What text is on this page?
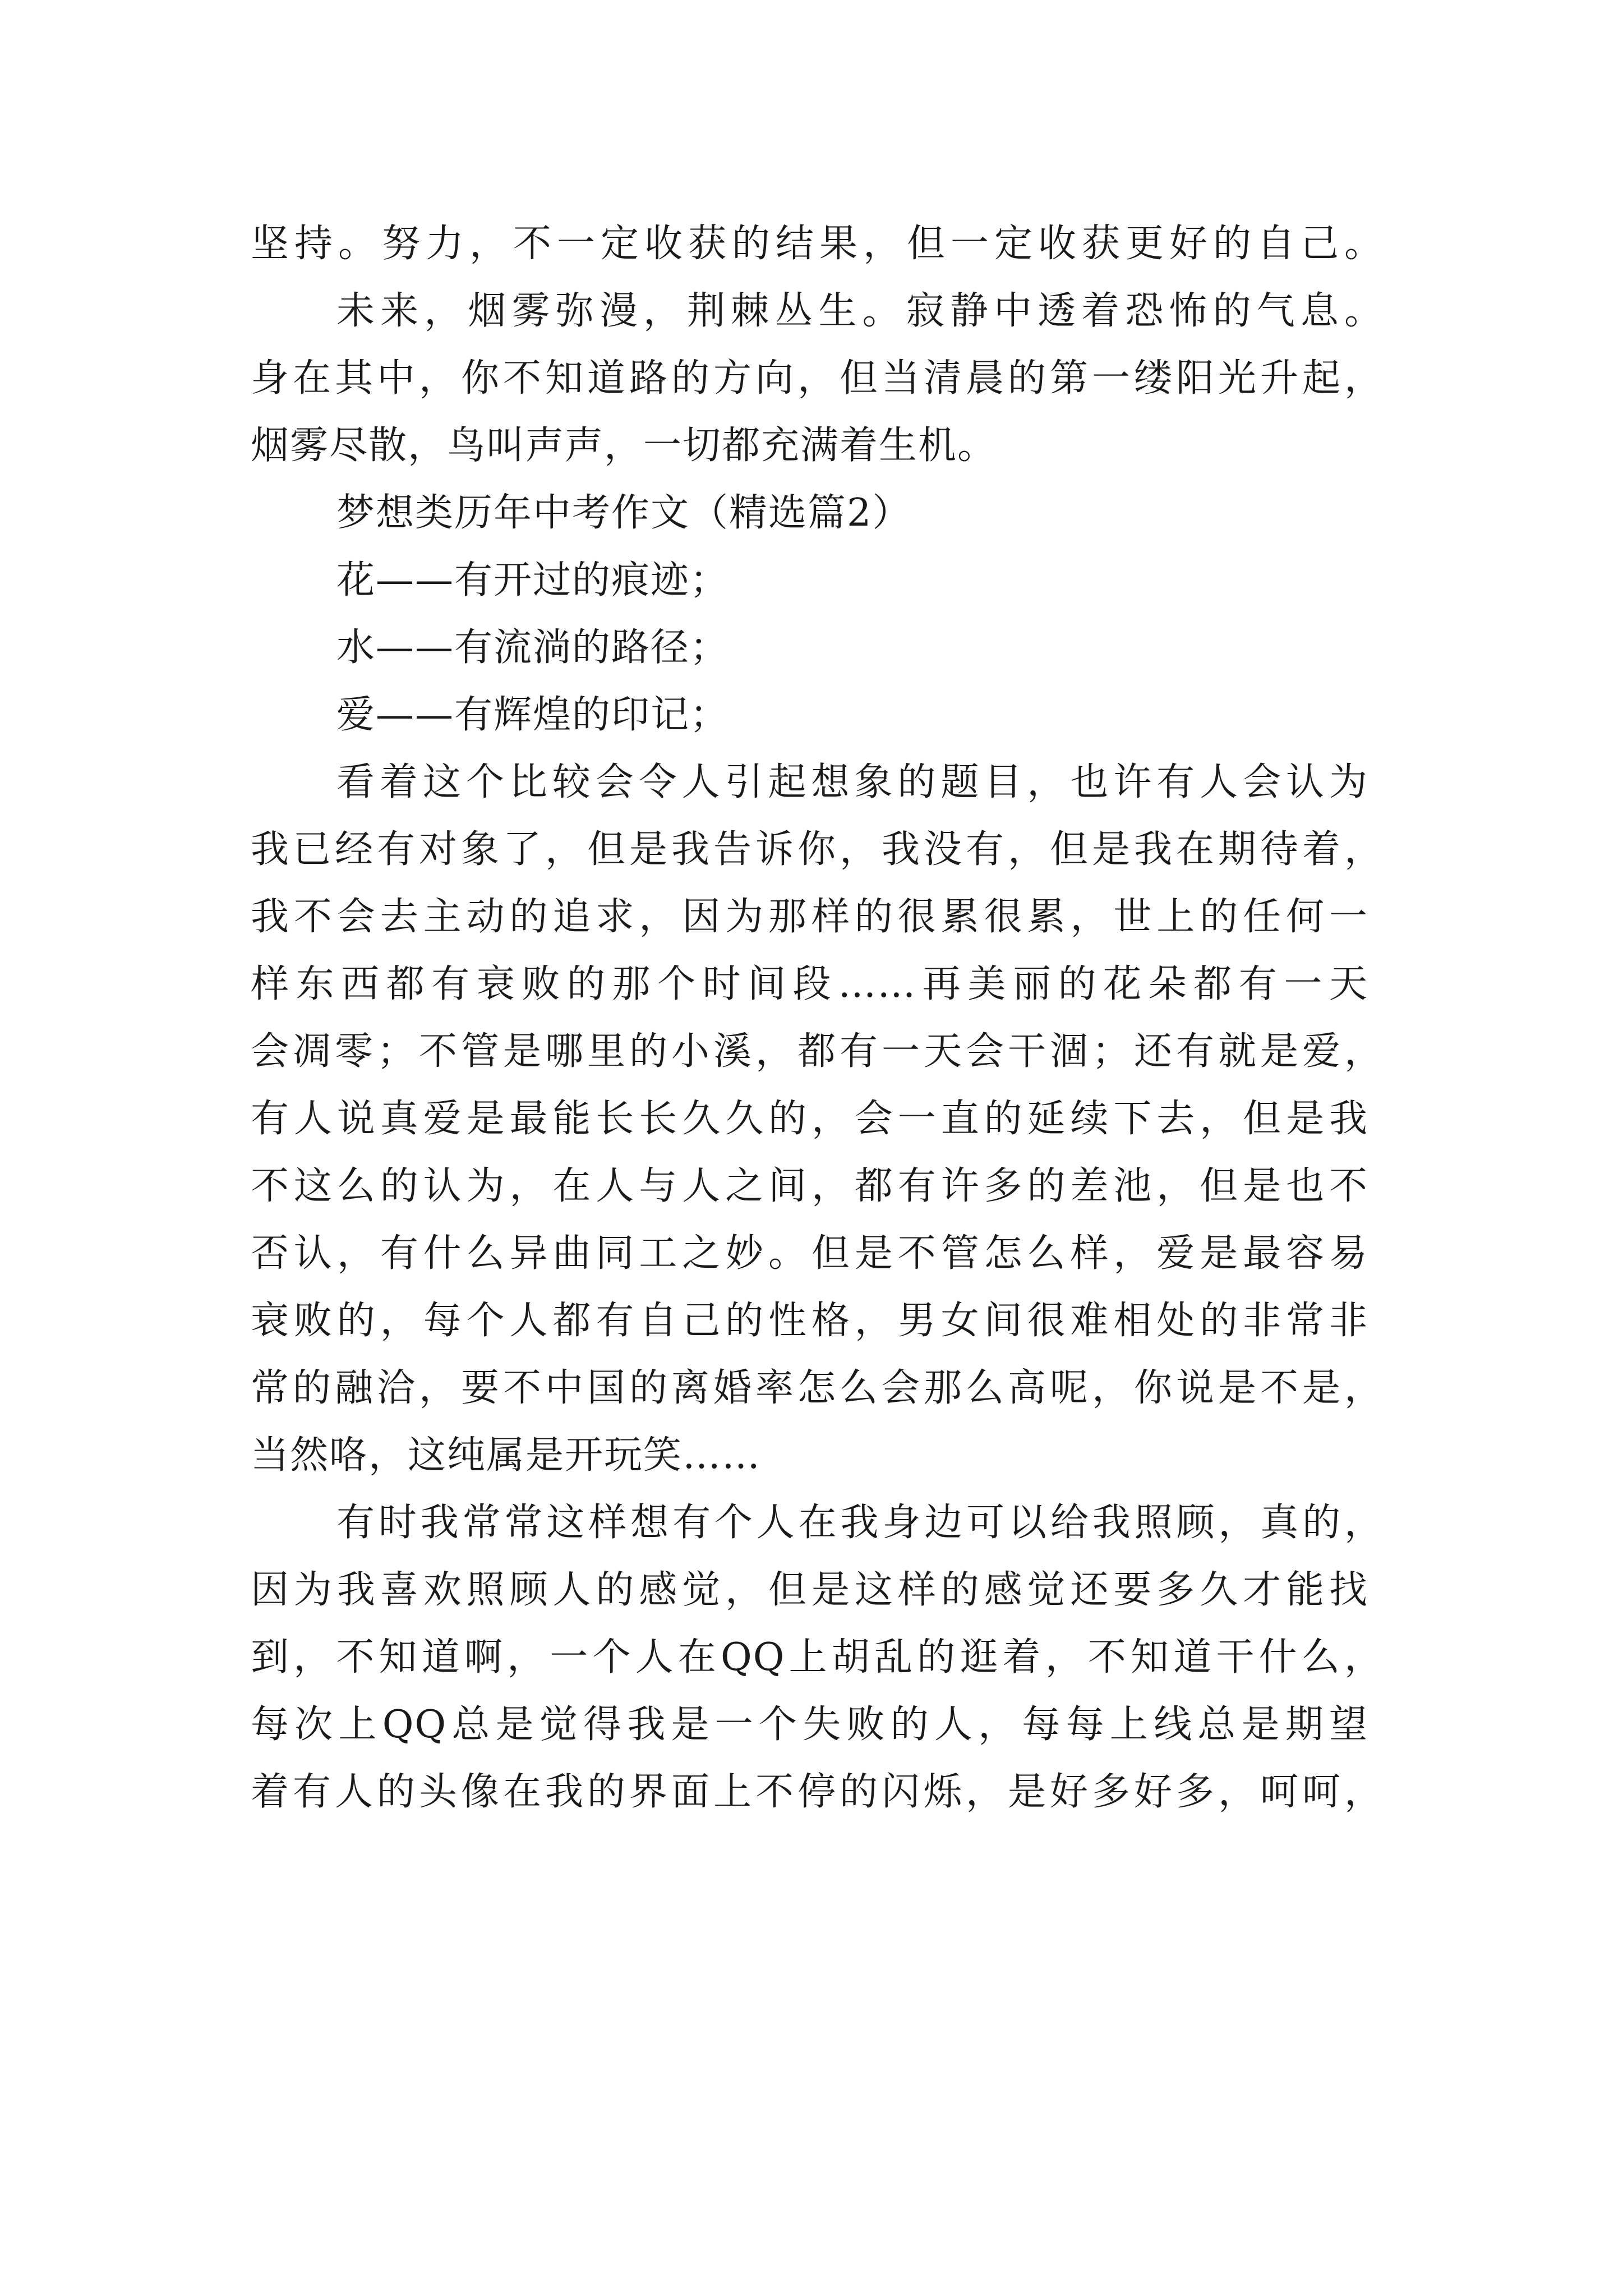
坚持。努力，不一定收获的结果，但一定收获更好的自己。
未来，烟雾弥漫，荆棘丛生。寂静中透着恐怖的气息。
身在其中，你不知道路的方向，但当清晨的第一缕阳光升起，
烟雾尽散，鸟叫声声，一切都充满着生机。
梦想类历年中考作文（精选篇2）
花——有开过的痕迹；
水——有流淌的路径；
爱——有辉煌的印记；
看着这个比较会令人引起想象的题目，也许有人会认为
我已经有对象了，但是我告诉你，我没有，但是我在期待着，
我不会去主动的追求，因为那样的很累很累，世上的任何一
样东西都有衰败的那个时间段……再美丽的花朵都有一天
会凋零；不管是哪里的小溪，都有一天会干涸；还有就是爱，
有人说真爱是最能长长久久的，会一直的延续下去，但是我
不这么的认为，在人与人之间，都有许多的差池，但是也不
否认，有什么异曲同工之妙。但是不管怎么样，爱是最容易
衰败的，每个人都有自己的性格，男女间很难相处的非常非
常的融洽，要不中国的离婚率怎么会那么高呢，你说是不是，
当然咯，这纯属是开玩笑……
有时我常常这样想有个人在我身边可以给我照顾，真的，
因为我喜欢照顾人的感觉，但是这样的感觉还要多久才能找
到，不知道啊，一个人在QQ上胡乱的逛着，不知道干什么，
每次上QQ总是觉得我是一个失败的人，每每上线总是期望
着有人的头像在我的界面上不停的闪烁，是好多好多，呵呵，
